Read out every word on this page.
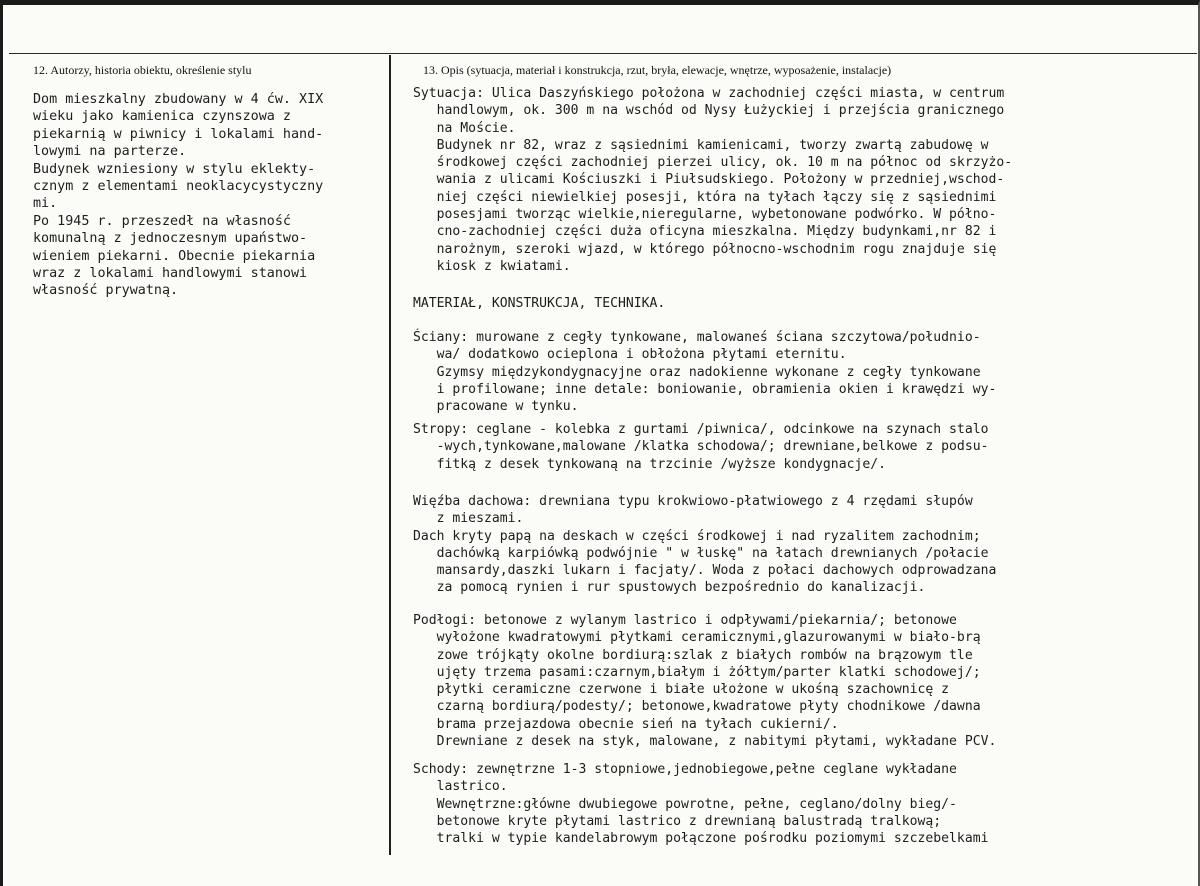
12. Autorzy, historia obiektu, określenie stylu	13. Opis (sytuacja, materiał i konstrukcja, rzut, bryła, elewacje, wnętrze, wyposażenie, instalacje)
Dom mieszkalny zbudowany w 4 ćw. XIX
wieku jako kamienica czynszowa z
piekarnią w piwnicy i lokalami hand-
lowymi na parterze.
Budynek wzniesiony w stylu eklekty-
cznym z elementami neoklacycystyczny
mi.
Po 1945 r. przeszedł na własność
komunalną z jednoczesnym upaństwo-
wieniem piekarni. Obecnie piekarnia
wraz z lokalami handlowymi stanowi
własność prywatną.
Sytuacja: Ulica Daszyńskiego położona w zachodniej części miasta, w centrum
handlowym, ok. 300 m na wschód od Nysy Łużyckiej i przejścia granicznego
na Moście.
Budynek nr 82, wraz z sąsiednimi kamienicami, tworzy zwartą zabudowę w
środkowej części zachodniej pierzei ulicy, ok. 10 m na północ od skrzyżo-
wania z ulicami Kościuszki i Piułsudskiego. Położony w przedniej,wschod-
niej części niewielkiej posesji, która na tyłach łączy się z sąsiednimi
posesjami tworząc wielkie,nieregularne, wybetonowane podwórko. W półno-
cno-zachodniej części duża oficyna mieszkalna. Między budynkami,nr 82 i
narożnym, szeroki wjazd, w którego północno-wschodnim rogu znajduje się
kiosk z kwiatami.
MATERIAŁ, KONSTRUKCJA, TECHNIKA.
Ściany: murowane z cegły tynkowane, malowaneś ściana szczytowa/południo-
wa/ dodatkowo ocieplona i obłożona płytami eternitu.
Gzymsy międzykondygnacyjne oraz nadokienne wykonane z cegły tynkowane
i profilowane; inne detale: boniowanie, obramienia okien i krawędzi wy-
pracowane w tynku.
Stropy: ceglane - kolebka z gurtami /piwnica/, odcinkowe na szynach stalo
-wych,tynkowane,malowane /klatka schodowa/; drewniane,belkowe z podsu-
fitką z desek tynkowaną na trzcinie /wyższe kondygnacje/.
Więźba dachowa: drewniana typu krokwiowo-płatwiowego z 4 rzędami słupów
z mieszami.
Dach kryty papą na deskach w części środkowej i nad ryzalitem zachodnim;
dachówką karpiówką podwójnie " w łuskę" na łatach drewnianych /połacie
mansardy,daszki lukarn i facjaty/. Woda z połaci dachowych odprowadzana
za pomocą rynien i rur spustowych bezpośrednio do kanalizacji.
Podłogi: betonowe z wylanym lastrico i odpływami/piekarnia/; betonowe
wyłożone kwadratowymi płytkami ceramicznymi,glazurowanymi w biało-brą
zowe trójkąty okolne bordiurą:szlak z białych rombów na brązowym tle
ujęty trzema pasami:czarnym,białym i żółtym/parter klatki schodowej/;
płytki ceramiczne czerwone i białe ułożone w ukośną szachownicę z
czarną bordiurą/podesty/; betonowe,kwadratowe płyty chodnikowe /dawna
brama przejazdowa obecnie sień na tyłach cukierni/.
Drewniane z desek na styk, malowane, z nabitymi płytami, wykładane PCV.
Schody: zewnętrzne 1-3 stopniowe,jednobiegowe,pełne ceglane wykładane
lastrico.
Wewnętrzne:główne dwubiegowe powrotne, pełne, ceglano/dolny bieg/-
betonowe kryte płytami lastrico z drewnianą balustradą tralkową;
tralki w typie kandelabrowym połączone pośrodku poziomymi szczebelkami
